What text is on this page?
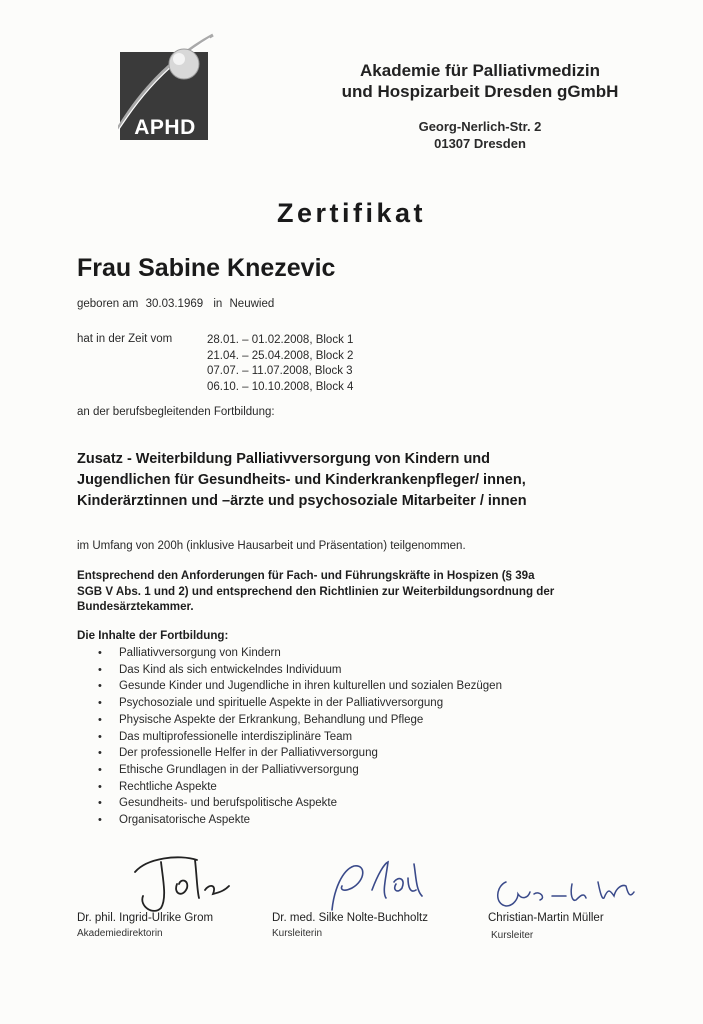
APHD
Akademie für Palliativmedizin
und Hospizarbeit Dresden gGmbH
Georg-Nerlich-Str. 2
01307 Dresden
Zertifikat
Frau Sabine Knezevic
geboren am 30.03.1969 in Neuwied
hat in der Zeit vom	28.01. – 01.02.2008, Block 1
21.04. – 25.04.2008, Block 2
07.07. – 11.07.2008, Block 3
06.10. – 10.10.2008, Block 4
an der berufsbegleitenden Fortbildung:
Zusatz - Weiterbildung Palliativversorgung von Kindern und
Jugendlichen für Gesundheits- und Kinderkrankenpfleger/ innen,
Kinderärztinnen und –ärzte und psychosoziale Mitarbeiter / innen
im Umfang von 200h (inklusive Hausarbeit und Präsentation) teilgenommen.
Entsprechend den Anforderungen für Fach- und Führungskräfte in Hospizen (§ 39a
SGB V Abs. 1 und 2) und entsprechend den Richtlinien zur Weiterbildungsordnung der
Bundesärztekammer.
Die Inhalte der Fortbildung:
• Palliativversorgung von Kindern
• Das Kind als sich entwickelndes Individuum
• Gesunde Kinder und Jugendliche in ihren kulturellen und sozialen Bezügen
• Psychosoziale und spirituelle Aspekte in der Palliativversorgung
• Physische Aspekte der Erkrankung, Behandlung und Pflege
• Das multiprofessionelle interdisziplinäre Team
• Der professionelle Helfer in der Palliativversorgung
• Ethische Grundlagen in der Palliativversorgung
• Rechtliche Aspekte
• Gesundheits- und berufspolitische Aspekte
• Organisatorische Aspekte
Dr. phil. Ingrid-Ulrike Grom
Akademiedirektorin
Dr. med. Silke Nolte-Buchholtz
Kursleiterin
Christian-Martin Müller
Kursleiter
